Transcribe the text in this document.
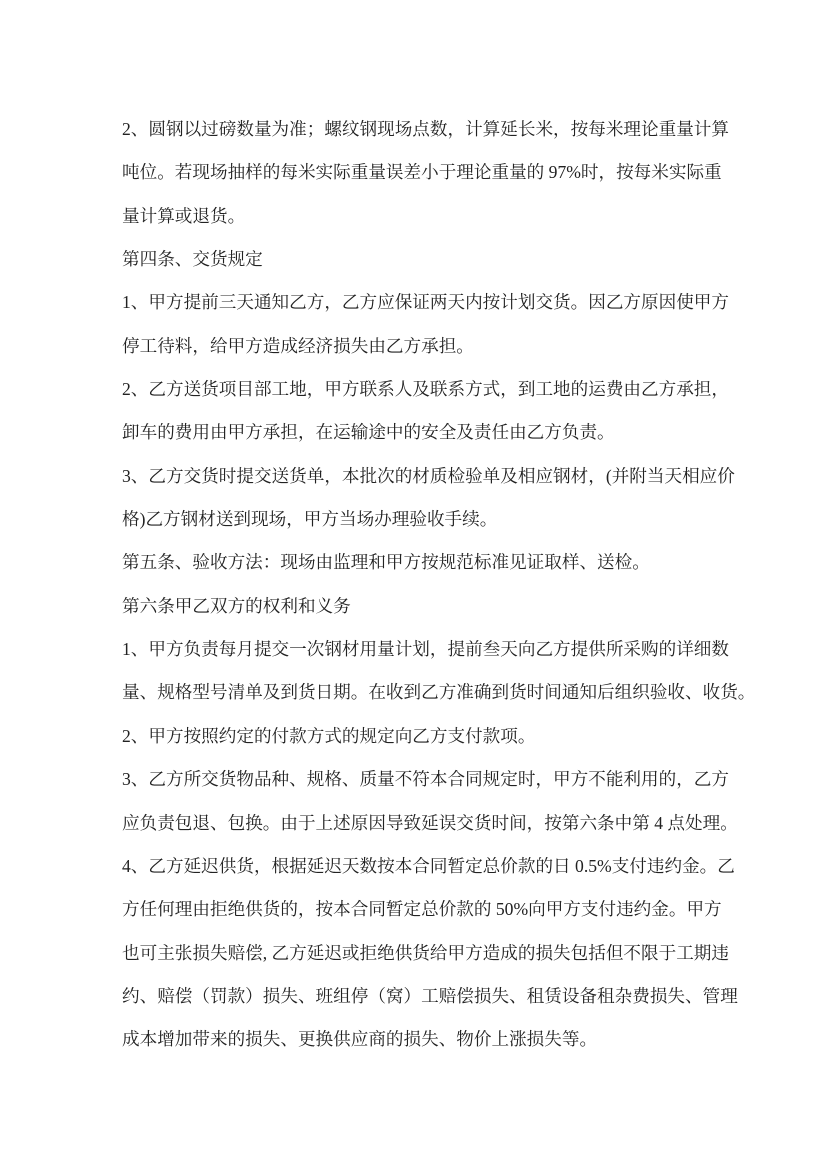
2、圆钢以过磅数量为准；螺纹钢现场点数，计算延长米，按每米理论重量计算
吨位。若现场抽样的每米实际重量误差小于理论重量的 97%时，按每米实际重
量计算或退货。
第四条、交货规定
1、甲方提前三天通知乙方，乙方应保证两天内按计划交货。因乙方原因使甲方
停工待料，给甲方造成经济损失由乙方承担。
2、乙方送货项目部工地，甲方联系人及联系方式，到工地的运费由乙方承担，
卸车的费用由甲方承担，在运输途中的安全及责任由乙方负责。
3、乙方交货时提交送货单，本批次的材质检验单及相应钢材，(并附当天相应价
格)乙方钢材送到现场，甲方当场办理验收手续。
第五条、验收方法：现场由监理和甲方按规范标准见证取样、送检。
第六条甲乙双方的权利和义务
1、甲方负责每月提交一次钢材用量计划，提前叁天向乙方提供所采购的详细数
量、规格型号清单及到货日期。在收到乙方准确到货时间通知后组织验收、收货。
2、甲方按照约定的付款方式的规定向乙方支付款项。
3、乙方所交货物品种、规格、质量不符本合同规定时，甲方不能利用的，乙方
应负责包退、包换。由于上述原因导致延误交货时间，按第六条中第 4 点处理。
4、乙方延迟供货，根据延迟天数按本合同暂定总价款的日 0.5%支付违约金。乙
方任何理由拒绝供货的，按本合同暂定总价款的 50%向甲方支付违约金。甲方
也可主张损失赔偿, 乙方延迟或拒绝供货给甲方造成的损失包括但不限于工期违
约、赔偿（罚款）损失、班组停（窝）工赔偿损失、租赁设备租杂费损失、管理
成本增加带来的损失、更换供应商的损失、物价上涨损失等。
